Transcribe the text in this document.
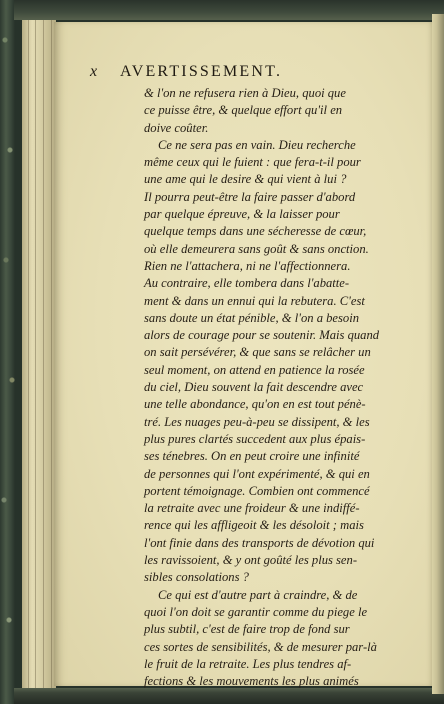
x AVERTISSEMENT.
& l'on ne refusera rien à Dieu, quoi que
ce puisse être, & quelque effort qu'il en
doive coûter.
Ce ne sera pas en vain. Dieu recherche
même ceux qui le fuient : que fera-t-il pour
une ame qui le desire & qui vient à lui ?
Il pourra peut-être la faire passer d'abord
par quelque épreuve, & la laisser pour
quelque temps dans une sécheresse de cœur,
où elle demeurera sans goût & sans onction.
Rien ne l'attachera, ni ne l'affectionnera.
Au contraire, elle tombera dans l'abatte-
ment & dans un ennui qui la rebutera. C'est
sans doute un état pénible, & l'on a besoin
alors de courage pour se soutenir. Mais quand
on sait persévérer, & que sans se relâcher un
seul moment, on attend en patience la rosée
du ciel, Dieu souvent la fait descendre avec
une telle abondance, qu'on en est tout pénè-
tré. Les nuages peu-à-peu se dissipent, & les
plus pures clartés succedent aux plus épais-
ses ténebres. On en peut croire une infinité
de personnes qui l'ont expérimenté, & qui en
portent témoignage. Combien ont commencé
la retraite avec une froideur & une indiffé-
rence qui les affligeoit & les désoloit ; mais
l'ont finie dans des transports de dévotion qui
les ravissoient, & y ont goûté les plus sen-
sibles consolations ?
Ce qui est d'autre part à craindre, & de
quoi l'on doit se garantir comme du piege le
plus subtil, c'est de faire trop de fond sur
ces sortes de sensibilités, & de mesurer par-là
le fruit de la retraite. Les plus tendres af-
fections & les mouvements les plus animés
